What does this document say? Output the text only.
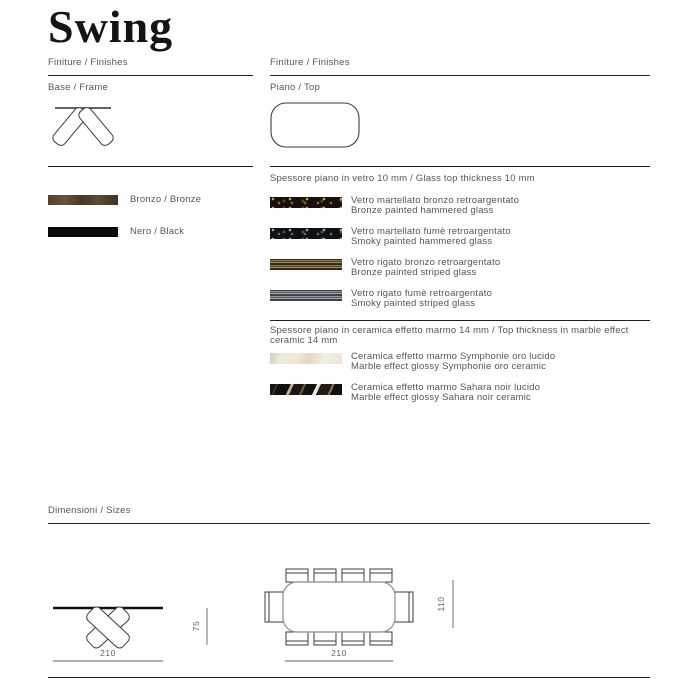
Swing
Finiture / Finishes
Base / Frame
Bronzo / Bronze
Nero / Black
Finiture / Finishes
Piano / Top
Spessore piano in vetro 10 mm / Glass top thickness 10 mm
Vetro martellato bronzo retroargentato
Bronze painted hammered glass
Vetro martellato fumè retroargentato
Smoky painted hammered glass
Vetro rigato bronzo retroargentato
Bronze painted striped glass
Vetro rigato fumè retroargentato
Smoky painted striped glass
Spessore piano in ceramica effetto marmo 14 mm / Top thickness in marble effect ceramic 14 mm
Ceramica effetto marmo Symphonie oro lucido
Marble effect glossy Symphonie oro ceramic
Ceramica effetto marmo Sahara noir lucido
Marble effect glossy Sahara noir ceramic
Dimensioni / Sizes
210
75
210
110
